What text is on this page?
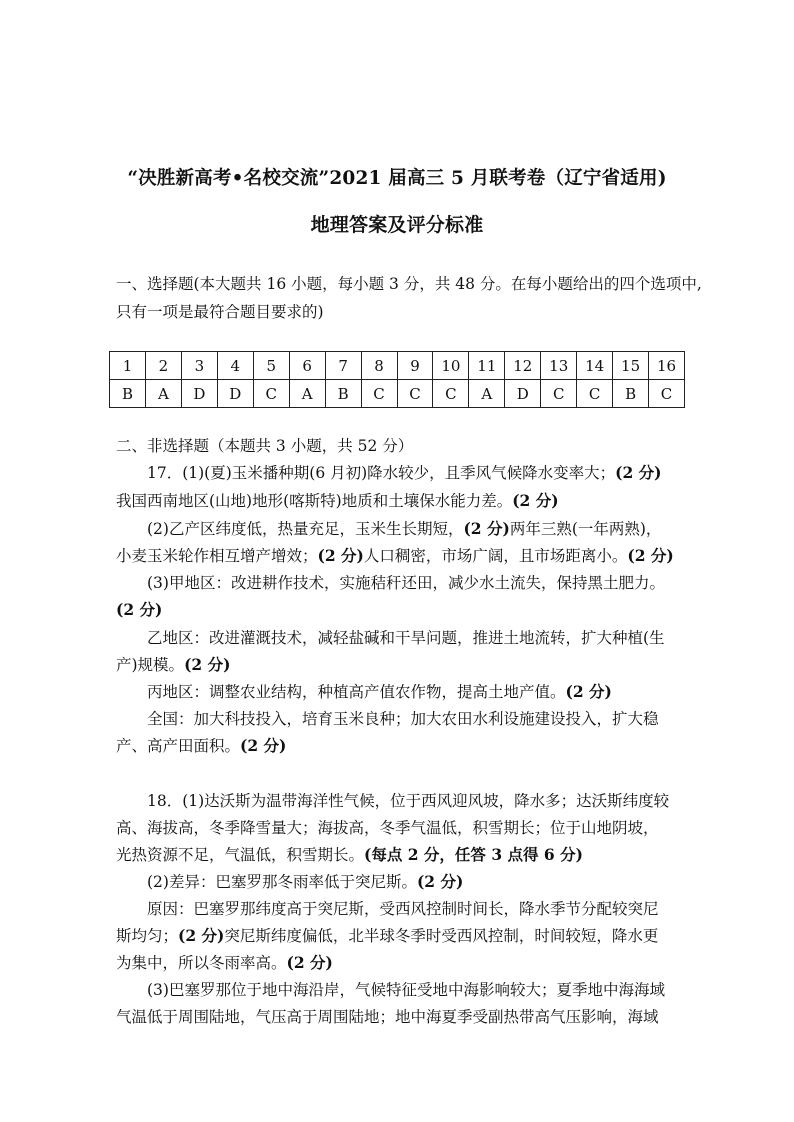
“决胜新高考•名校交流”2021 届高三 5 月联考卷（辽宁省适用)
地理答案及评分标准
一、选择题(本大题共 16 小题，每小题 3 分，共 48 分。在每小题给出的四个选项中,
只有一项是最符合题目要求的)
1	2	3	4	5	6	7	8	9	10	11	12	13	14	15	16
B	A	D	D	C	A	B	C	C	C	A	D	C	C	B	C
二、非选择题（本题共 3 小题，共 52 分）
17．(1)(夏)玉米播种期(6 月初)降水较少，且季风气候降水变率大；(2 分)
我国西南地区(山地)地形(喀斯特)地质和土壤保水能力差。(2 分)
(2)乙产区纬度低，热量充足，玉米生长期短，(2 分)两年三熟(一年两熟)，
小麦玉米轮作相互增产增效；(2 分)人口稠密，市场广阔，且市场距离小。(2 分)
(3)甲地区：改进耕作技术，实施秸秆还田，减少水土流失，保持黑土肥力。
(2 分)
乙地区：改进灌溉技术，减轻盐碱和干旱问题，推进土地流转，扩大种植(生
产)规模。(2 分)
丙地区：调整农业结构，种植高产值农作物，提高土地产值。(2 分)
全国：加大科技投入，培育玉米良种；加大农田水利设施建设投入，扩大稳
产、高产田面积。(2 分)
18．(1)达沃斯为温带海洋性气候，位于西风迎风坡，降水多；达沃斯纬度较
高、海拔高，冬季降雪量大；海拔高，冬季气温低，积雪期长；位于山地阴坡，
光热资源不足，气温低，积雪期长。(每点 2 分，任答 3 点得 6 分)
(2)差异：巴塞罗那冬雨率低于突尼斯。(2 分)
原因：巴塞罗那纬度高于突尼斯，受西风控制时间长，降水季节分配较突尼
斯均匀；(2 分)突尼斯纬度偏低，北半球冬季时受西风控制，时间较短，降水更
为集中，所以冬雨率高。(2 分)
(3)巴塞罗那位于地中海沿岸，气候特征受地中海影响较大；夏季地中海海域
气温低于周围陆地，气压高于周围陆地；地中海夏季受副热带高气压影响，海域
